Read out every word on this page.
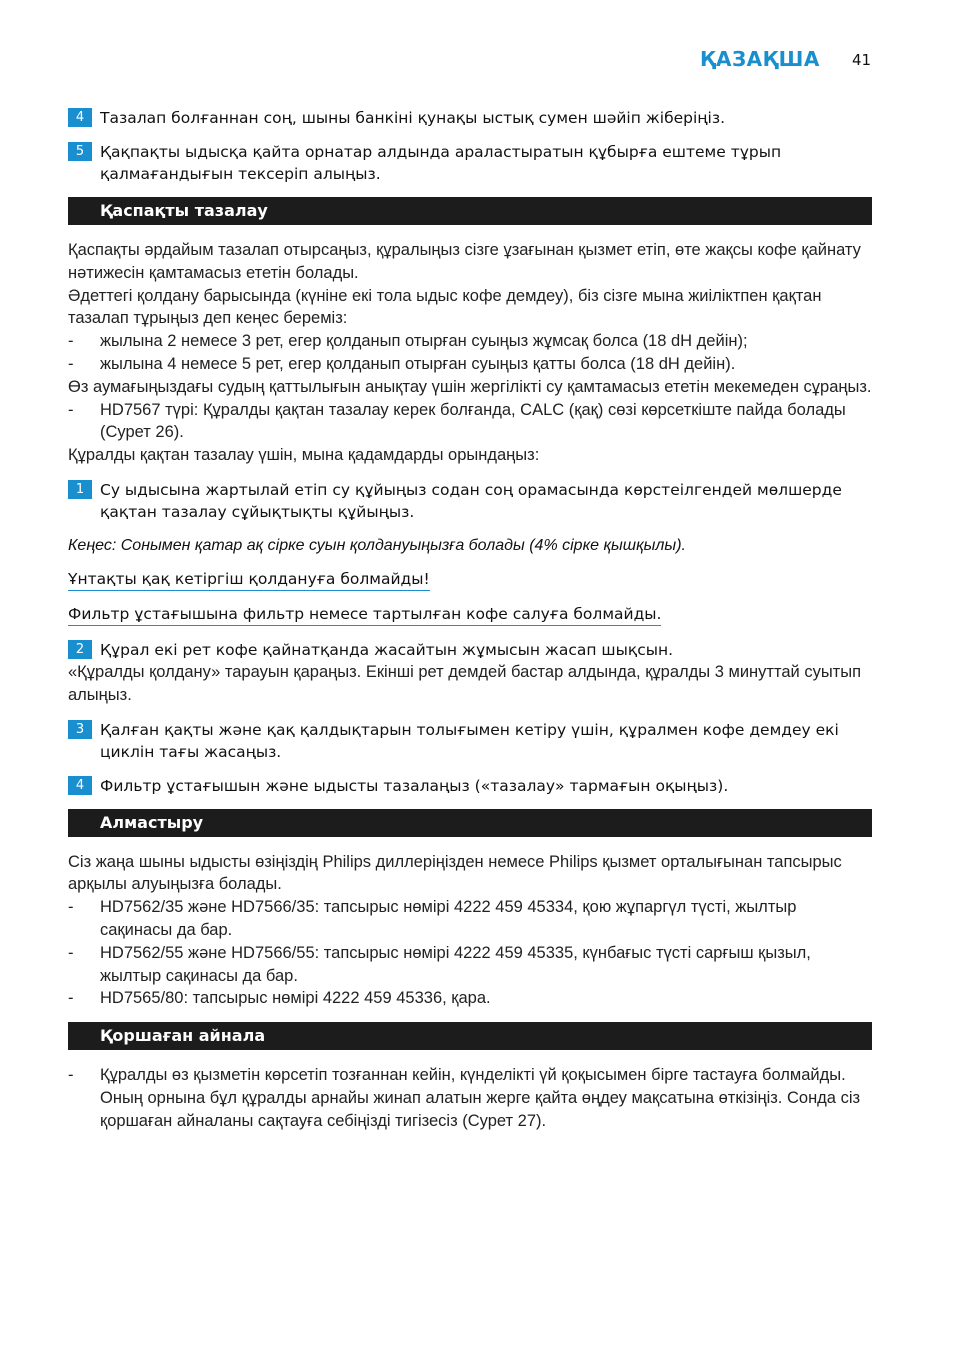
ҚАЗАҚША 41
4	Тазалап болғаннан соң, шыны банкіні қунақы ыстық сумен шәйіп жіберіңіз.
5	Қақпақты ыдысқа қайта орнатар алдында араластыратын құбырға ештеме тұрып қалмағандығын тексеріп алыңыз.
Қаспақты тазалау
Қаспақты әрдайым тазалап отырсаңыз, құралыңыз сізге ұзағынан қызмет етіп, өте жақсы кофе қайнату нәтижесін қамтамасыз ететін болады.
Әдеттегі қолдану барысында (күніне екі тола ыдыс кофе демдеу), біз сізге мына жиіліктпен қақтан тазалап тұрыңыз деп кеңес береміз:
- жылына 2 немесе 3 рет, егер қолданып отырған суыңыз жұмсақ болса (18 dH дейін);
- жылына 4 немесе 5 рет, егер қолданып отырған суыңыз қатты болса (18 dH дейін).
Өз аумағыңыздағы судың қаттылығын анықтау үшін жергілікті су қамтамасыз ететін мекемеден сұраңыз.
- HD7567 түрі: Құралды қақтан тазалау керек болғанда, CALC (қақ) сөзі көрсеткіште пайда болады (Сурет 26).
Құралды қақтан тазалау үшін, мына қадамдарды орындаңыз:
1	Су ыдысына жартылай етіп су құйыңыз содан соң орамасында көрстеілгендей мөлшерде қақтан тазалау сұйықтықты құйыңыз.
Кеңес: Сонымен қатар ақ сірке суын қолдануыңызға болады (4% сірке қышқылы).
Ұнтақты қақ кетіргіш қолдануға болмайды!
Фильтр ұстағышына фильтр немесе тартылған кофе салуға болмайды.
2	Құрал екі рет кофе қайнатқанда жасайтын жұмысын жасап шықсын.
«Құралды қолдану» тарауын қараңыз. Екінші рет демдей бастар алдында, құралды 3 минуттай суытып алыңыз.
3	Қалған қақты және қақ қалдықтарын толығымен кетіру үшін, құралмен кофе демдеу екі циклін тағы жасаңыз.
4	Фильтр ұстағышын және ыдысты тазалаңыз («тазалау» тармағын оқыңыз).
Алмастыру
Сіз жаңа шыны ыдысты өзіңіздің Philips диллеріңізден немесе Philips қызмет орталығынан тапсырыс арқылы алуыңызға болады.
- HD7562/35 және HD7566/35: тапсырыс нөмірі 4222 459 45334, қою жұпаргүл түсті, жылтыр сақинасы да бар.
- HD7562/55 және HD7566/55: тапсырыс нөмірі 4222 459 45335, күнбағыс түсті сарғыш қызыл, жылтыр сақинасы да бар.
- HD7565/80: тапсырыс нөмірі 4222 459 45336, қара.
Қоршаған айнала
- Құралды өз қызметін көрсетіп тозғаннан кейін, күнделікті үй қоқысымен бірге тастауға болмайды. Оның орнына бұл құралды арнайы жинап алатын жерге қайта өңдеу мақсатына өткізіңіз. Сонда сіз қоршаған айналаны сақтауға себіңізді тигізесіз (Сурет 27).
